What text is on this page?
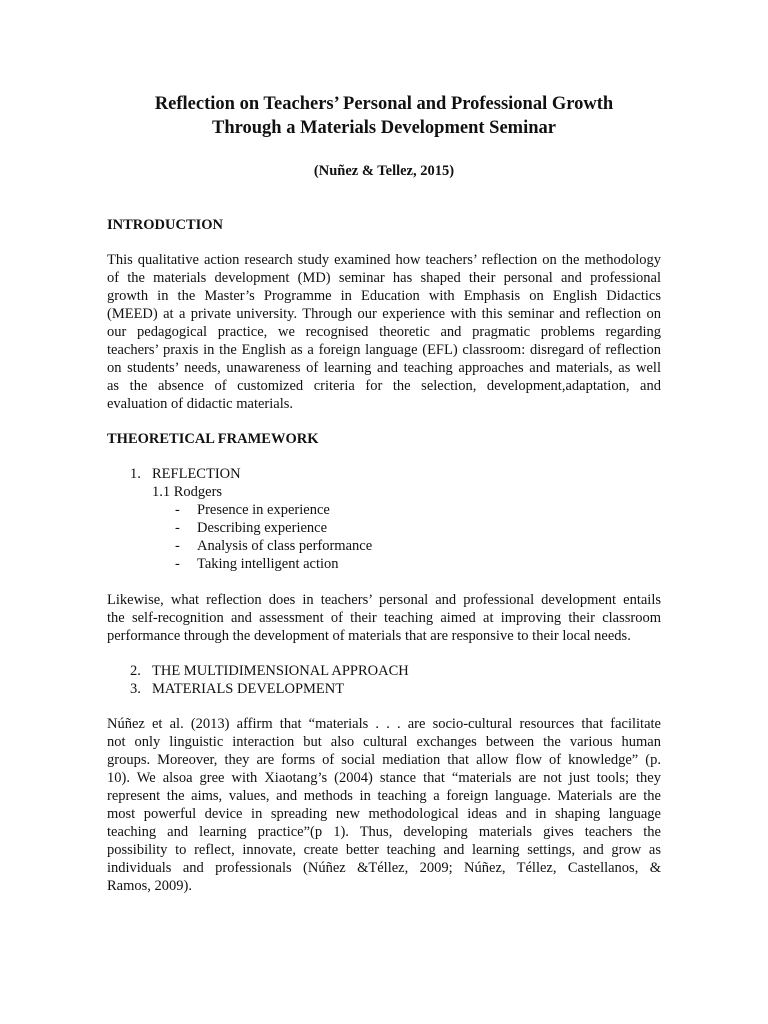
Reflection on Teachers’ Personal and Professional Growth
Through a Materials Development Seminar
(Nuñez & Tellez, 2015)
INTRODUCTION
This qualitative action research study examined how teachers’ reflection on the methodology
of the materials development (MD) seminar has shaped their personal and professional
growth in the Master’s Programme in Education with Emphasis on English Didactics
(MEED) at a private university. Through our experience with this seminar and reflection on
our pedagogical practice, we recognised theoretic and pragmatic problems regarding
teachers’ praxis in the English as a foreign language (EFL) classroom: disregard of reflection
on students’ needs, unawareness of learning and teaching approaches and materials, as well
as the absence of customized criteria for the selection, development,adaptation, and
evaluation of didactic materials.
THEORETICAL FRAMEWORK
1. REFLECTION
1.1 Rodgers
- Presence in experience
- Describing experience
- Analysis of class performance
- Taking intelligent action
Likewise, what reflection does in teachers’ personal and professional development entails
the self-recognition and assessment of their teaching aimed at improving their classroom
performance through the development of materials that are responsive to their local needs.
2. THE MULTIDIMENSIONAL APPROACH
3. MATERIALS DEVELOPMENT
Núñez et al. (2013) affirm that “materials . . . are socio-cultural resources that facilitate
not only linguistic interaction but also cultural exchanges between the various human
groups. Moreover, they are forms of social mediation that allow flow of knowledge” (p.
10). We alsoa gree with Xiaotang’s (2004) stance that “materials are not just tools; they
represent the aims, values, and methods in teaching a foreign language. Materials are the
most powerful device in spreading new methodological ideas and in shaping language
teaching and learning practice”(p 1). Thus, developing materials gives teachers the
possibility to reflect, innovate, create better teaching and learning settings, and grow as
individuals and professionals (Núñez &Téllez, 2009; Núñez, Téllez, Castellanos, &
Ramos, 2009).
